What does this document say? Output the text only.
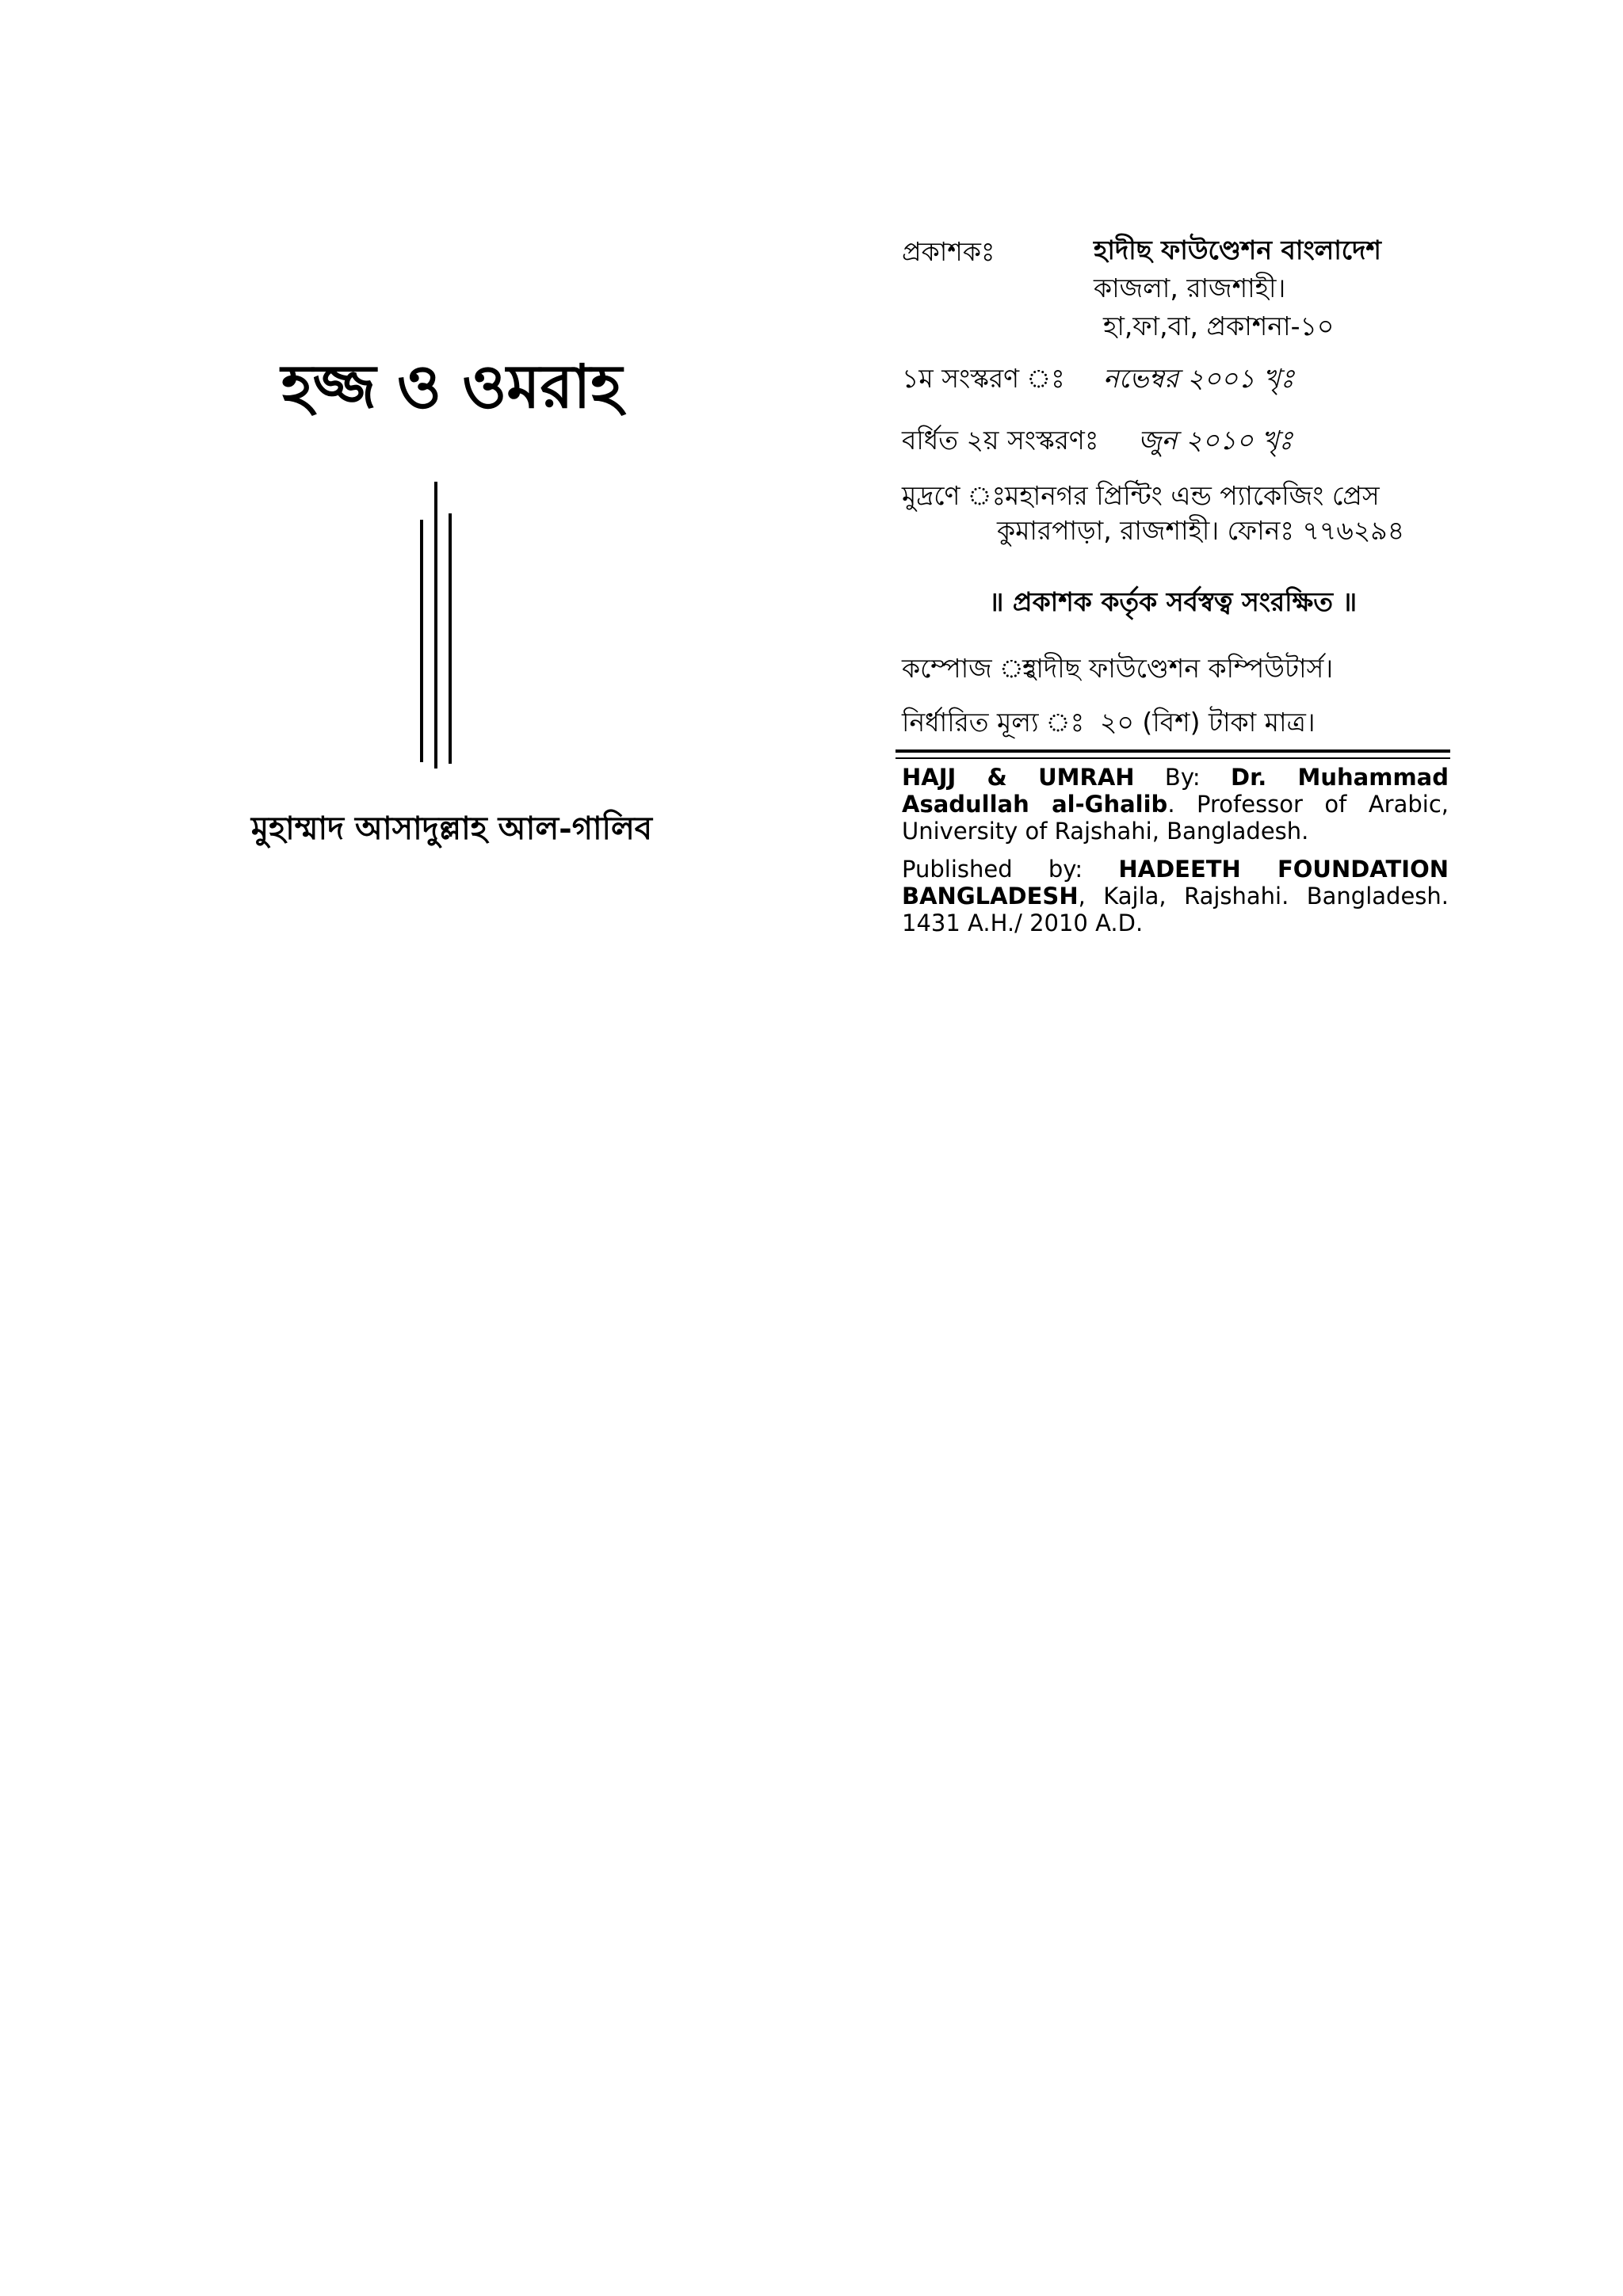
হজ্জ ও ওমরাহ
মুহাম্মাদ আসাদুল্লাহ আল-গালিব
প্রকাশকঃ	হাদীছ ফাউণ্ডেশন বাংলাদেশ
কাজলা, রাজশাহী।
হা,ফা,বা, প্রকাশনা-১০
১ম সংস্করণ ঃ নভেম্বর ২০০১ খৃঃ
বর্ধিত ২য় সংস্করণঃ জুন ২০১০ খৃঃ
মুদ্রণে ঃ
মহানগর প্রিন্টিং এন্ড প্যাকেজিং প্রেস
কুমারপাড়া, রাজশাহী। ফোনঃ ৭৭৬২৯৪
॥ প্রকাশক কর্তৃক সর্বস্বত্ব সংরক্ষিত ॥
কম্পোজ ঃ
হাদীছ ফাউণ্ডেশন কম্পিউটার্স।
নির্ধারিত মূল্য ঃ ২০ (বিশ) টাকা মাত্র।
HAJJ & UMRAH By: Dr. Muhammad Asadullah al-Ghalib. Professor of Arabic, University of Rajshahi, Bangladesh.
Published by: HADEETH FOUNDATION BANGLADESH, Kajla, Rajshahi. Bangladesh. 1431 A.H./ 2010 A.D.
